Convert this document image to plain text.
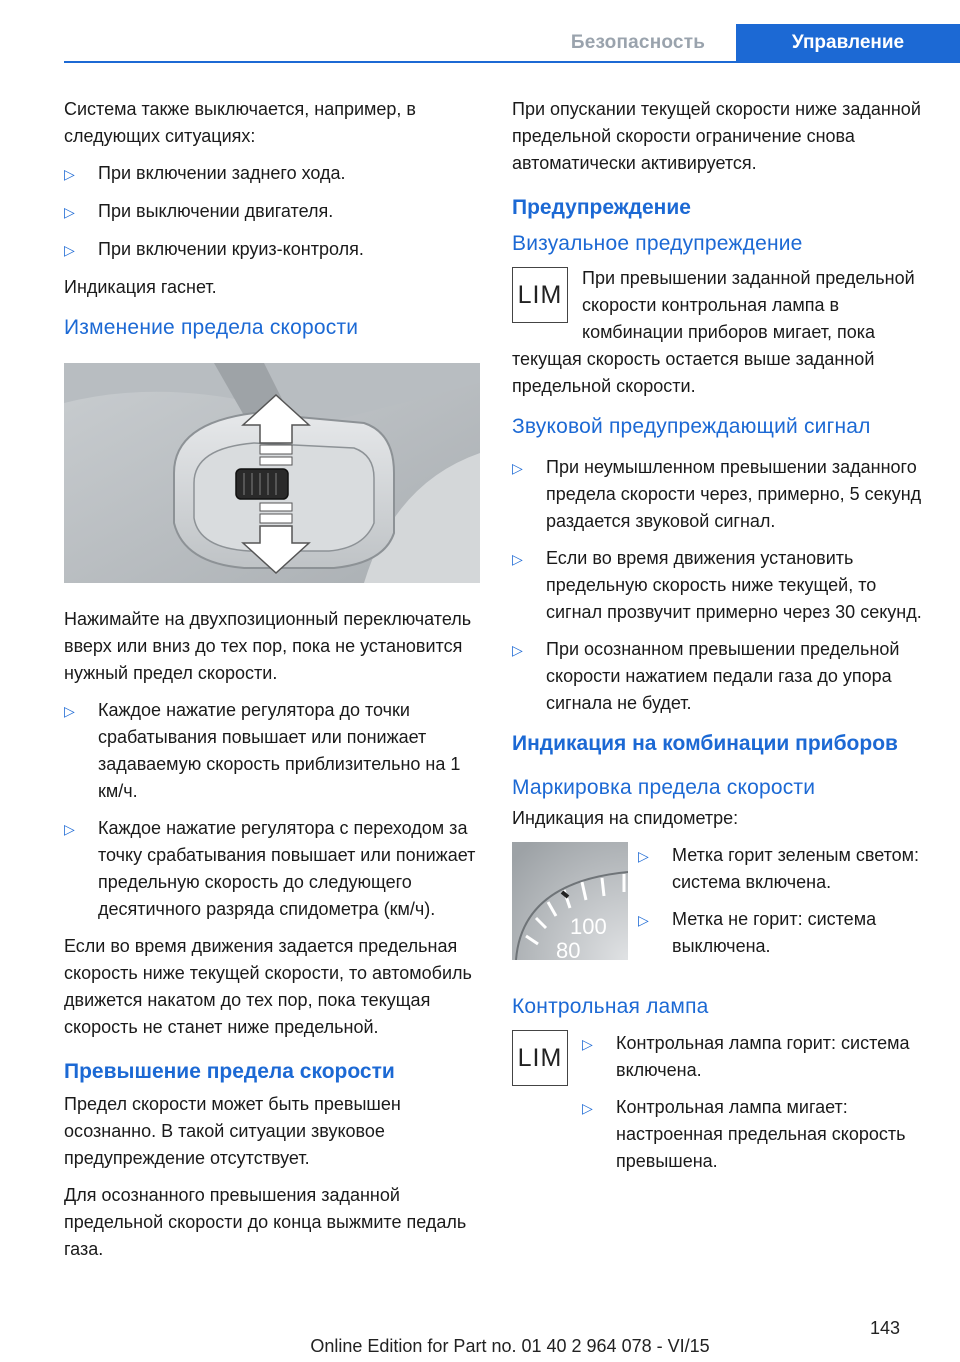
Безопасность	Управление

Система также выключается, например, в следующих ситуациях:

▷	При включении заднего хода.
▷	При выключении двигателя.
▷	При включении круиз-контроля.

Индикация гаснет.

Изменение предела скорости

Нажимайте на двухпозиционный переключатель вверх или вниз до тех пор, пока не установится нужный предел скорости.

▷	Каждое нажатие регулятора до точки срабатывания повышает или понижает задаваемую скорость приблизительно на 1 км/ч.
▷	Каждое нажатие регулятора с переходом за точку срабатывания повышает или понижает предельную скорость до следующего десятичного разряда спидометра (км/ч).

Если во время движения задается предельная скорость ниже текущей скорости, то автомобиль движется накатом до тех пор, пока текущая скорость не станет ниже предельной.

Превышение предела скорости

Предел скорости может быть превышен осознанно. В такой ситуации звуковое предупреждение отсутствует.

Для осознанного превышения заданной предельной скорости до конца выжмите педаль газа.

При опускании текущей скорости ниже заданной предельной скорости ограничение снова автоматически активируется.

Предупреждение
Визуальное предупреждение
LIM

При превышении заданной предельной скорости контрольная лампа в комбинации приборов мигает, пока текущая скорость остается выше заданной предельной скорости.

Звуковой предупреждающий сигнал
▷	При неумышленном превышении заданного предела скорости через, примерно, 5 секунд раздается звуковой сигнал.
▷	Если во время движения установить предельную скорость ниже текущей, то сигнал прозвучит примерно через 30 секунд.
▷	При осознанном превышении предельной скорости нажатием педали газа до упора сигнала не будет.
Индикация на комбинации приборов
Маркировка предела скорости

Индикация на спидометре:

100
80
▷	Метка горит зеленым светом: система включена.
▷	Метка не горит: система выключена.
Контрольная лампа
LIM ▷	Контрольная лампа горит: система включена.
▷	Контрольная лампа мигает: настроенная предельная скорость превышена.
143
Online Edition for Part no. 01 40 2 964 078 - VI/15
